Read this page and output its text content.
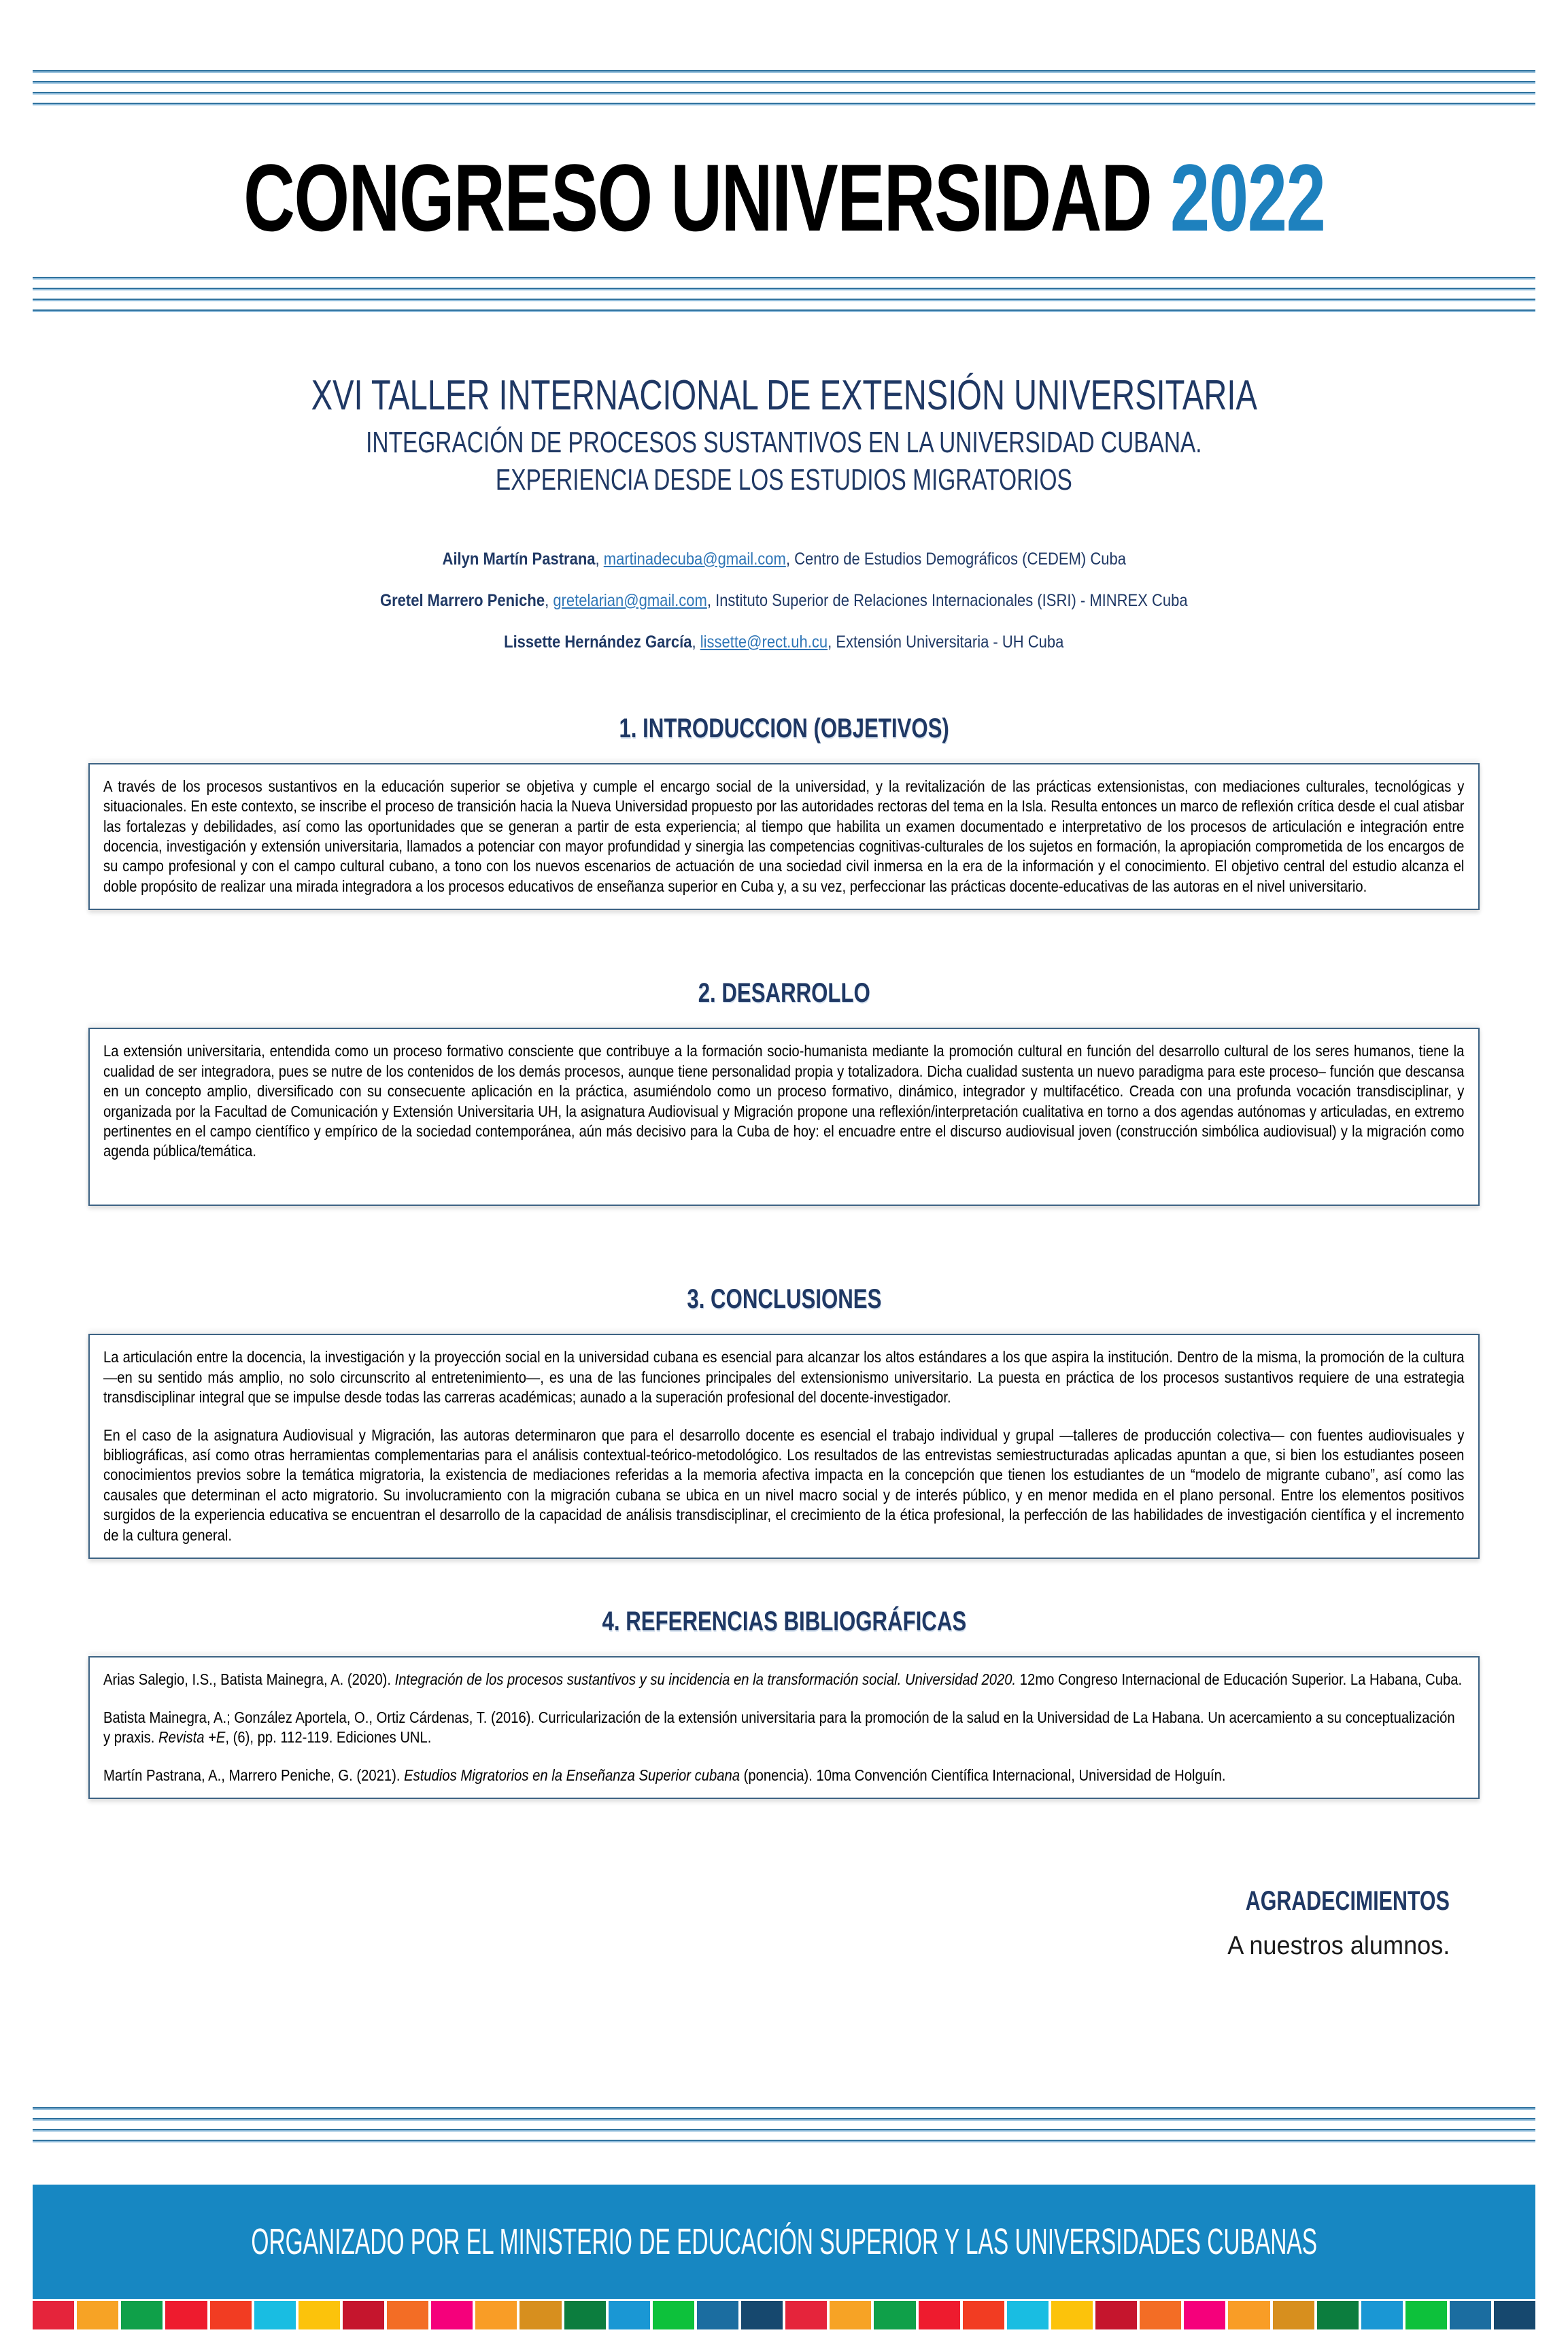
CONGRESO UNIVERSIDAD 2022
XVI TALLER INTERNACIONAL DE EXTENSIÓN UNIVERSITARIA
INTEGRACIÓN DE PROCESOS SUSTANTIVOS EN LA UNIVERSIDAD CUBANA.
EXPERIENCIA DESDE LOS ESTUDIOS MIGRATORIOS
Ailyn Martín Pastrana, martinadecuba@gmail.com, Centro de Estudios Demográficos (CEDEM) Cuba
Gretel Marrero Peniche, gretelarian@gmail.com, Instituto Superior de Relaciones Internacionales (ISRI) - MINREX Cuba
Lissette Hernández García, lissette@rect.uh.cu, Extensión Universitaria - UH Cuba
1. INTRODUCCION (OBJETIVOS)

A través de los procesos sustantivos en la educación superior se objetiva y cumple el encargo social de la universidad, y la revitalización de las prácticas extensionistas, con mediaciones culturales, tecnológicas y situacionales. En este contexto, se inscribe el proceso de transición hacia la Nueva Universidad propuesto por las autoridades rectoras del tema en la Isla. Resulta entonces un marco de reflexión crítica desde el cual atisbar las fortalezas y debilidades, así como las oportunidades que se generan a partir de esta experiencia; al tiempo que habilita un examen documentado e interpretativo de los procesos de articulación e integración entre docencia, investigación y extensión universitaria, llamados a potenciar con mayor profundidad y sinergia las competencias cognitivas-culturales de los sujetos en formación, la apropiación comprometida de los encargos de su campo profesional y con el campo cultural cubano, a tono con los nuevos escenarios de actuación de una sociedad civil inmersa en la era de la información y el conocimiento. El objetivo central del estudio alcanza el doble propósito de realizar una mirada integradora a los procesos educativos de enseñanza superior en Cuba y, a su vez, perfeccionar las prácticas docente-educativas de las autoras en el nivel universitario.

2. DESARROLLO

La extensión universitaria, entendida como un proceso formativo consciente que contribuye a la formación socio-humanista mediante la promoción cultural en función del desarrollo cultural de los seres humanos, tiene la cualidad de ser integradora, pues se nutre de los contenidos de los demás procesos, aunque tiene personalidad propia y totalizadora. Dicha cualidad sustenta un nuevo paradigma para este proceso– función que descansa en un concepto amplio, diversificado con su consecuente aplicación en la práctica, asumiéndolo como un proceso formativo, dinámico, integrador y multifacético. Creada con una profunda vocación transdisciplinar, y organizada por la Facultad de Comunicación y Extensión Universitaria UH, la asignatura Audiovisual y Migración propone una reflexión/interpretación cualitativa en torno a dos agendas autónomas y articuladas, en extremo pertinentes en el campo científico y empírico de la sociedad contemporánea, aún más decisivo para la Cuba de hoy: el encuadre entre el discurso audiovisual joven (construcción simbólica audiovisual) y la migración como agenda pública/temática.

3. CONCLUSIONES

La articulación entre la docencia, la investigación y la proyección social en la universidad cubana es esencial para alcanzar los altos estándares a los que aspira la institución. Dentro de la misma, la promoción de la cultura —en su sentido más amplio, no solo circunscrito al entretenimiento—, es una de las funciones principales del extensionismo universitario. La puesta en práctica de los procesos sustantivos requiere de una estrategia transdisciplinar integral que se impulse desde todas las carreras académicas; aunado a la superación profesional del docente-investigador.

En el caso de la asignatura Audiovisual y Migración, las autoras determinaron que para el desarrollo docente es esencial el trabajo individual y grupal —talleres de producción colectiva— con fuentes audiovisuales y bibliográficas, así como otras herramientas complementarias para el análisis contextual-teórico-metodológico. Los resultados de las entrevistas semiestructuradas aplicadas apuntan a que, si bien los estudiantes poseen conocimientos previos sobre la temática migratoria, la existencia de mediaciones referidas a la memoria afectiva impacta en la concepción que tienen los estudiantes de un “modelo de migrante cubano”, así como las causales que determinan el acto migratorio. Su involucramiento con la migración cubana se ubica en un nivel macro social y de interés público, y en menor medida en el plano personal. Entre los elementos positivos surgidos de la experiencia educativa se encuentran el desarrollo de la capacidad de análisis transdisciplinar, el crecimiento de la ética profesional, la perfección de las habilidades de investigación científica y el incremento de la cultura general.

4. REFERENCIAS BIBLIOGRÁFICAS

Arias Salegio, I.S., Batista Mainegra, A. (2020). Integración de los procesos sustantivos y su incidencia en la transformación social. Universidad 2020. 12mo Congreso Internacional de Educación Superior. La Habana, Cuba.

Batista Mainegra, A.; González Aportela, O., Ortiz Cárdenas, T. (2016). Curricularización de la extensión universitaria para la promoción de la salud en la Universidad de La Habana. Un acercamiento a su conceptualización y praxis. Revista +E, (6), pp. 112-119. Ediciones UNL.

Martín Pastrana, A., Marrero Peniche, G. (2021). Estudios Migratorios en la Enseñanza Superior cubana (ponencia). 10ma Convención Científica Internacional, Universidad de Holguín.

AGRADECIMIENTOS
A nuestros alumnos.
ORGANIZADO POR EL MINISTERIO DE EDUCACIÓN SUPERIOR Y LAS UNIVERSIDADES CUBANAS
